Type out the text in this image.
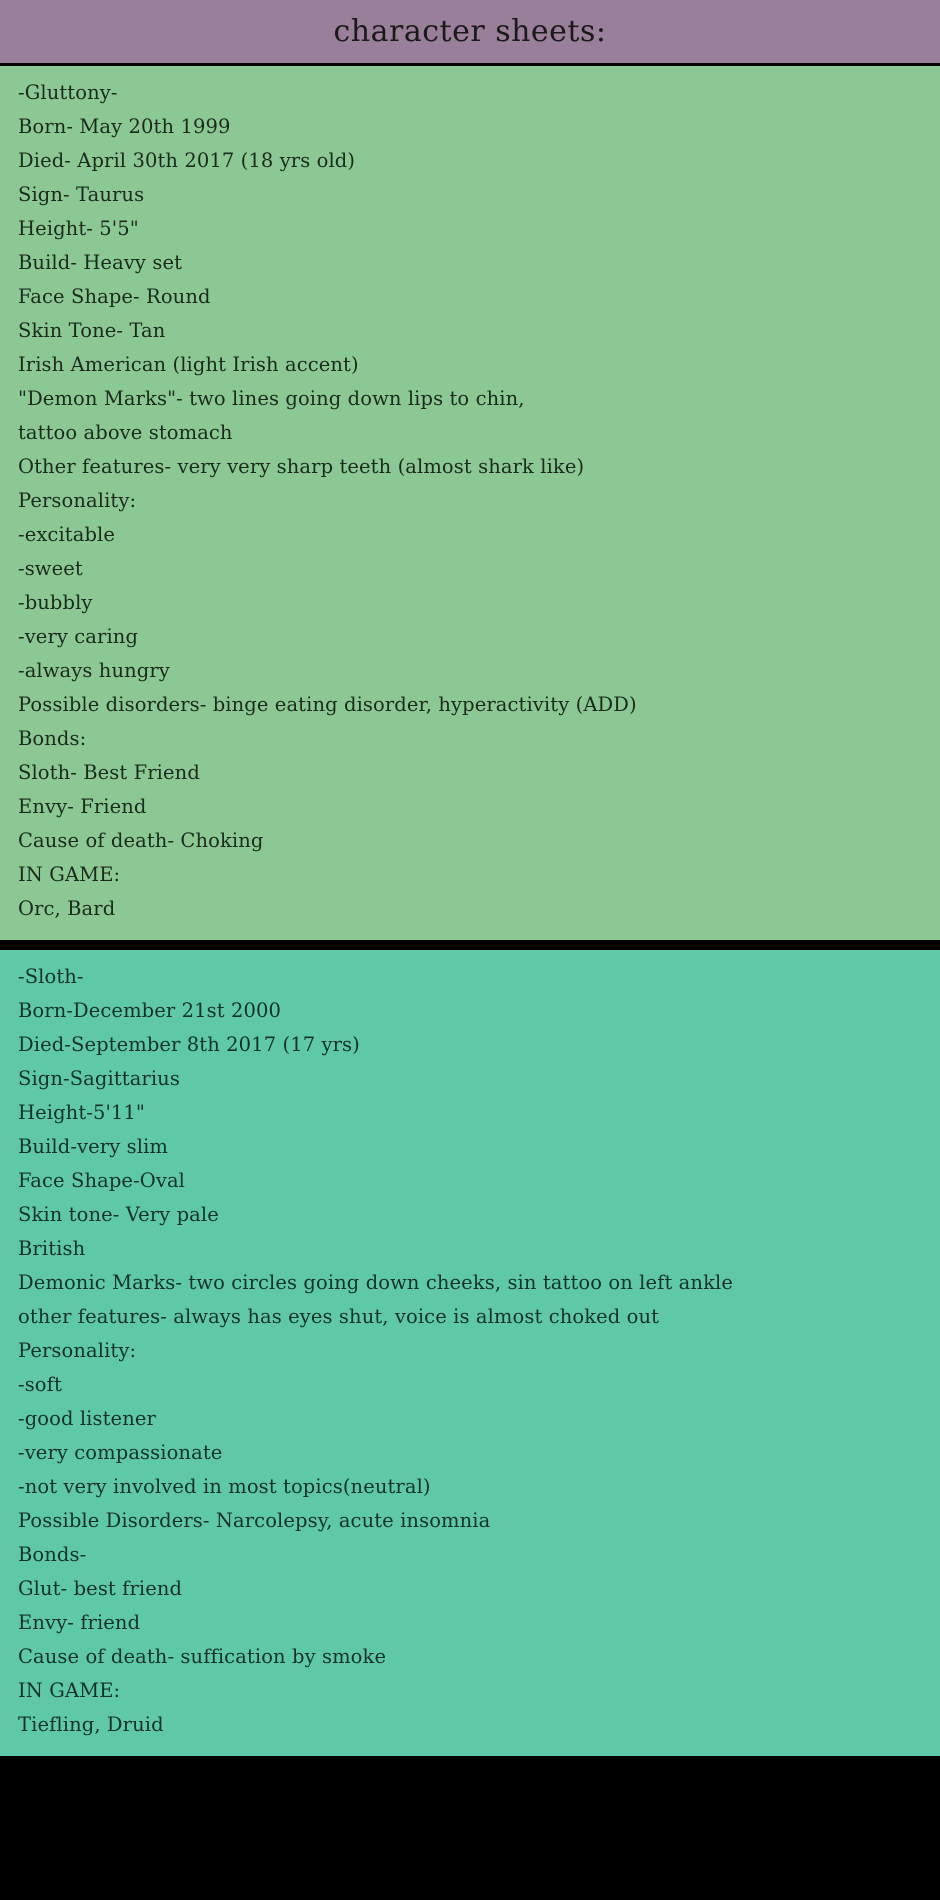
character sheets:
-Gluttony-
Born- May 20th 1999
Died- April 30th 2017 (18 yrs old)
Sign- Taurus
Height- 5'5"
Build- Heavy set
Face Shape- Round
Skin Tone- Tan
Irish American (light Irish accent)
"Demon Marks"- two lines going down lips to chin,
tattoo above stomach
Other features- very very sharp teeth (almost shark like)
Personality:
-excitable
-sweet
-bubbly
-very caring
-always hungry
Possible disorders- binge eating disorder, hyperactivity (ADD)
Bonds:
Sloth- Best Friend
Envy- Friend
Cause of death- Choking
IN GAME:
Orc, Bard
-Sloth-
Born-December 21st 2000
Died-September 8th 2017 (17 yrs)
Sign-Sagittarius
Height-5'11"
Build-very slim
Face Shape-Oval
Skin tone- Very pale
British
Demonic Marks- two circles going down cheeks, sin tattoo on left ankle
other features- always has eyes shut, voice is almost choked out
Personality:
-soft
-good listener
-very compassionate
-not very involved in most topics(neutral)
Possible Disorders- Narcolepsy, acute insomnia
Bonds-
Glut- best friend
Envy- friend
Cause of death- suffication by smoke
IN GAME:
Tiefling, Druid
